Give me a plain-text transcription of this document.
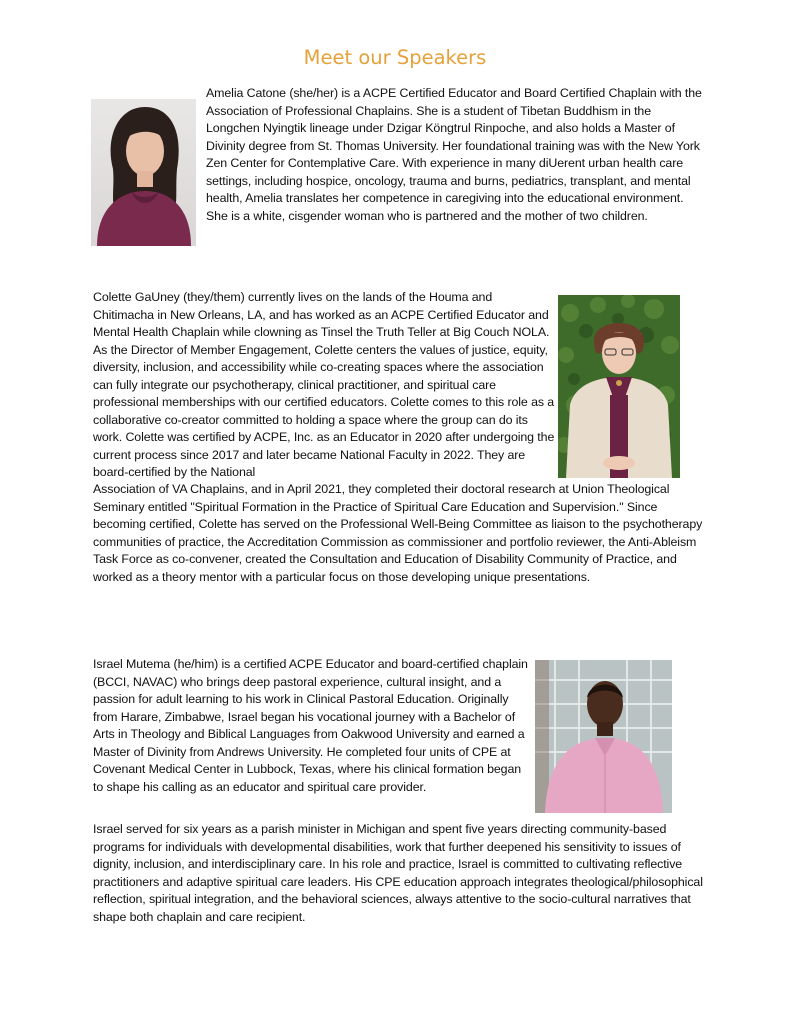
Meet our Speakers

Amelia Catone (she/her) is a ACPE Certified Educator and Board Certified Chaplain with the Association of Professional Chaplains. She is a student of Tibetan Buddhism in the Longchen Nyingtik lineage under Dzigar Köngtrul Rinpoche, and also holds a Master of Divinity degree from St. Thomas University. Her foundational training was with the New York Zen Center for Contemplative Care. With experience in many diUerent urban health care settings, including hospice, oncology, trauma and burns, pediatrics, transplant, and mental health, Amelia translates her competence in caregiving into the educational environment. She is a white, cisgender woman who is partnered and the mother of two children.

Colette GaUney (they/them) currently lives on the lands of the Houma and Chitimacha in New Orleans, LA, and has worked as an ACPE Certified Educator and Mental Health Chaplain while clowning as Tinsel the Truth Teller at Big Couch NOLA. As the Director of Member Engagement, Colette centers the values of justice, equity, diversity, inclusion, and accessibility while co-creating spaces where the association can fully integrate our psychotherapy, clinical practitioner, and spiritual care professional memberships with our certified educators. Colette comes to this role as a collaborative co-creator committed to holding a space where the group can do its work. Colette was certified by ACPE, Inc. as an Educator in 2020 after undergoing the current process since 2017 and later became National Faculty in 2022. They are board-certified by the National

Association of VA Chaplains, and in April 2021, they completed their doctoral research at Union Theological Seminary entitled "Spiritual Formation in the Practice of Spiritual Care Education and Supervision." Since becoming certified, Colette has served on the Professional Well-Being Committee as liaison to the psychotherapy communities of practice, the Accreditation Commission as commissioner and portfolio reviewer, the Anti-Ableism Task Force as co-convener, created the Consultation and Education of Disability Community of Practice, and worked as a theory mentor with a particular focus on those developing unique presentations.

Israel Mutema (he/him) is a certified ACPE Educator and board-certified chaplain (BCCI, NAVAC) who brings deep pastoral experience, cultural insight, and a passion for adult learning to his work in Clinical Pastoral Education. Originally from Harare, Zimbabwe, Israel began his vocational journey with a Bachelor of Arts in Theology and Biblical Languages from Oakwood University and earned a Master of Divinity from Andrews University. He completed four units of CPE at Covenant Medical Center in Lubbock, Texas, where his clinical formation began to shape his calling as an educator and spiritual care provider.

Israel served for six years as a parish minister in Michigan and spent five years directing community-based programs for individuals with developmental disabilities, work that further deepened his sensitivity to issues of dignity, inclusion, and interdisciplinary care. In his role and practice, Israel is committed to cultivating reflective practitioners and adaptive spiritual care leaders. His CPE education approach integrates theological/philosophical reflection, spiritual integration, and the behavioral sciences, always attentive to the socio-cultural narratives that shape both chaplain and care recipient.
